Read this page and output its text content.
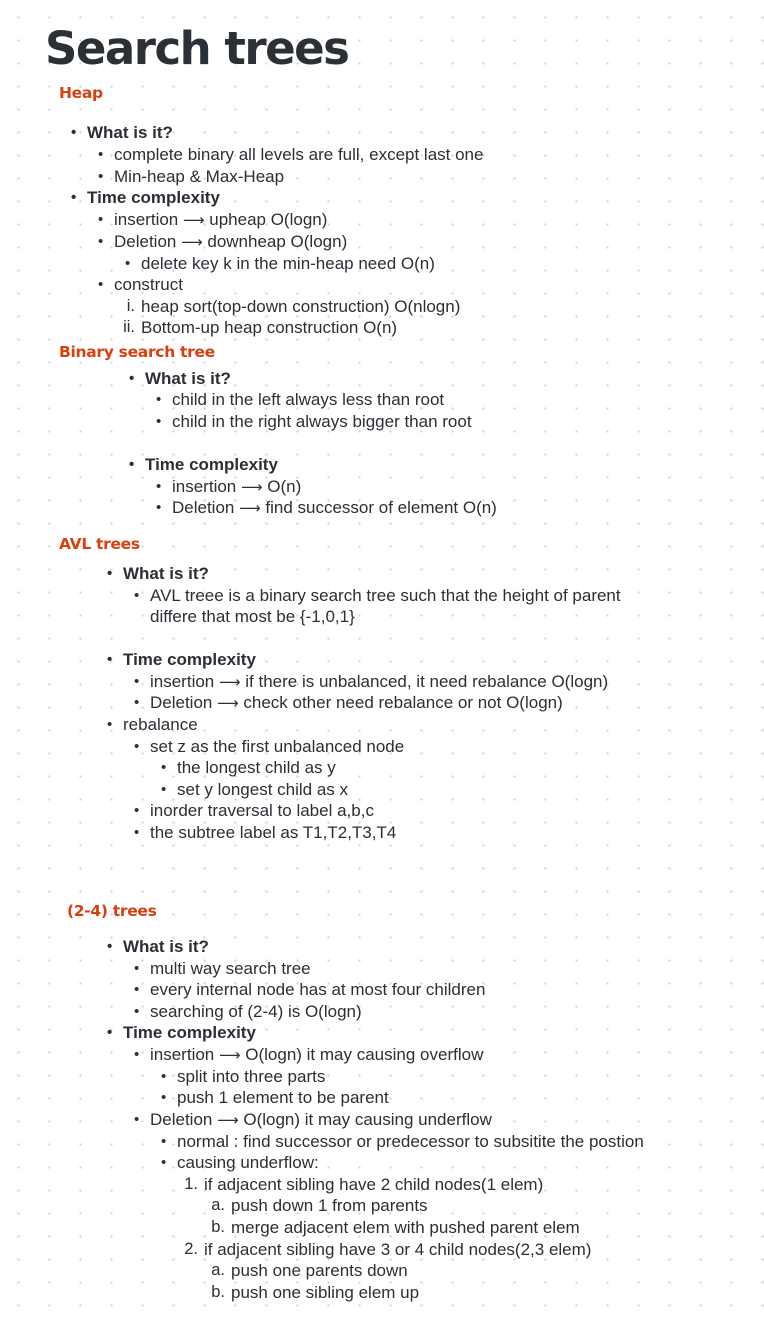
Search trees
Heap
• What is it?
• complete binary all levels are full, except last one
• Min-heap & Max-Heap
• Time complexity
• insertion ⟶ upheap O(logn)
• Deletion ⟶ downheap O(logn)
• delete key k in the min-heap need O(n)
• construct
i. heap sort(top-down construction) O(nlogn)
ii. Bottom-up heap construction O(n)
Binary search tree
• What is it?
• child in the left always less than root
• child in the right always bigger than root
• Time complexity
• insertion ⟶ O(n)
• Deletion ⟶ find successor of element O(n)
AVL trees
• What is it?
• AVL treee is a binary search tree such that the height of parent
differe that most be {-1,0,1}
• Time complexity
• insertion ⟶ if there is unbalanced, it need rebalance O(logn)
• Deletion ⟶ check other need rebalance or not O(logn)
• rebalance
• set z as the first unbalanced node
• the longest child as y
• set y longest child as x
• inorder traversal to label a,b,c
• the subtree label as T1,T2,T3,T4
(2-4) trees
• What is it?
• multi way search tree
• every internal node has at most four children
• searching of (2-4) is O(logn)
• Time complexity
• insertion ⟶ O(logn) it may causing overflow
• split into three parts
• push 1 element to be parent
• Deletion ⟶ O(logn) it may causing underflow
• normal : find successor or predecessor to subsitite the postion
• causing underflow:
1. if adjacent sibling have 2 child nodes(1 elem)
a. push down 1 from parents
b. merge adjacent elem with pushed parent elem
2. if adjacent sibling have 3 or 4 child nodes(2,3 elem)
a. push one parents down
b. push one sibling elem up
